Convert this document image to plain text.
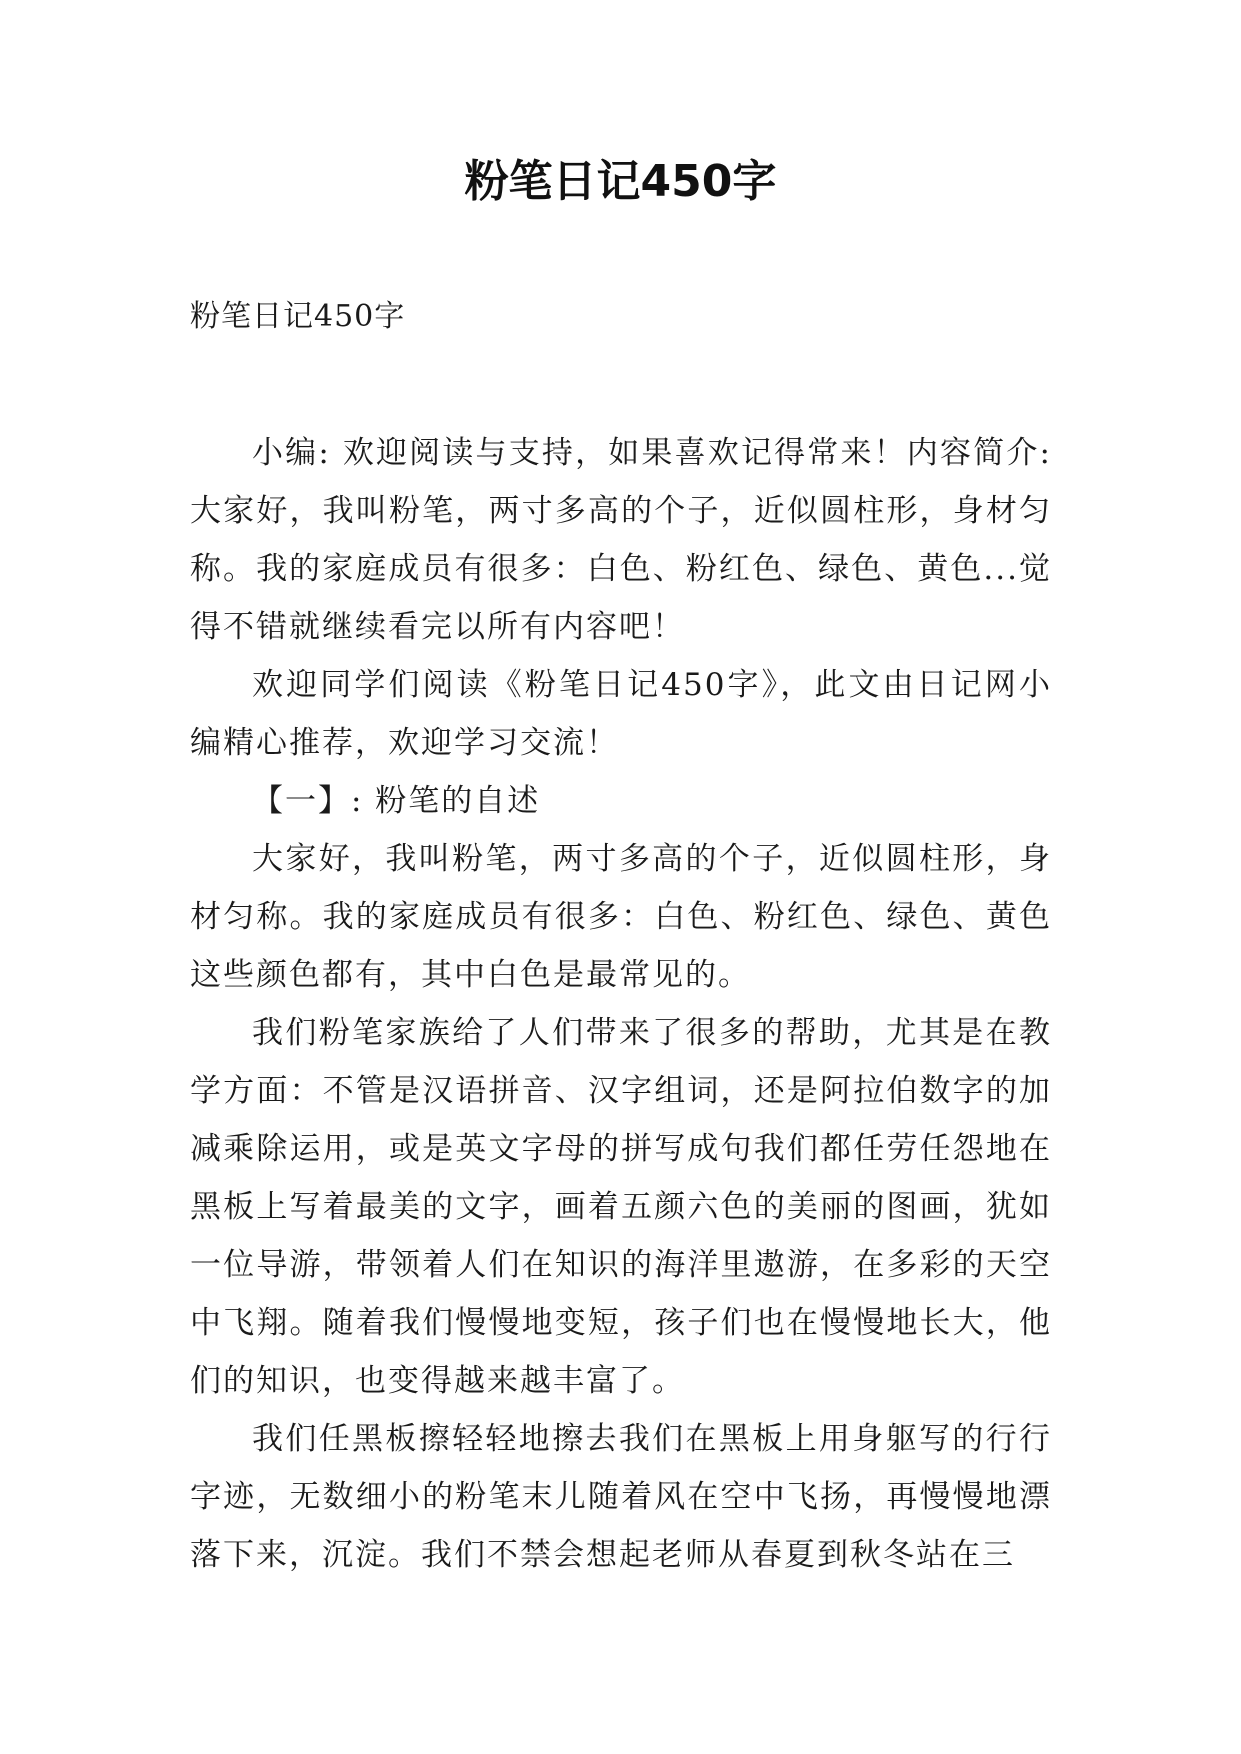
粉笔日记450字

粉笔日记450字

小编: 欢迎阅读与支持，如果喜欢记得常来！内容简介: 大家好，我叫粉笔，两寸多高的个子，近似圆柱形，身材匀称。我的家庭成员有很多：白色、粉红色、绿色、黄色...觉得不错就继续看完以所有内容吧！

欢迎同学们阅读《粉笔日记450字》，此文由日记网小编精心推荐，欢迎学习交流！

【一】: 粉笔的自述

大家好，我叫粉笔，两寸多高的个子，近似圆柱形，身材匀称。我的家庭成员有很多：白色、粉红色、绿色、黄色这些颜色都有，其中白色是最常见的。

我们粉笔家族给了人们带来了很多的帮助，尤其是在教学方面：不管是汉语拼音、汉字组词，还是阿拉伯数字的加减乘除运用，或是英文字母的拼写成句我们都任劳任怨地在黑板上写着最美的文字，画着五颜六色的美丽的图画，犹如一位导游，带领着人们在知识的海洋里遨游，在多彩的天空中飞翔。随着我们慢慢地变短，孩子们也在慢慢地长大，他们的知识，也变得越来越丰富了。

我们任黑板擦轻轻地擦去我们在黑板上用身躯写的行行字迹，无数细小的粉笔末儿随着风在空中飞扬，再慢慢地漂落下来，沉淀。我们不禁会想起老师从春夏到秋冬站在三
